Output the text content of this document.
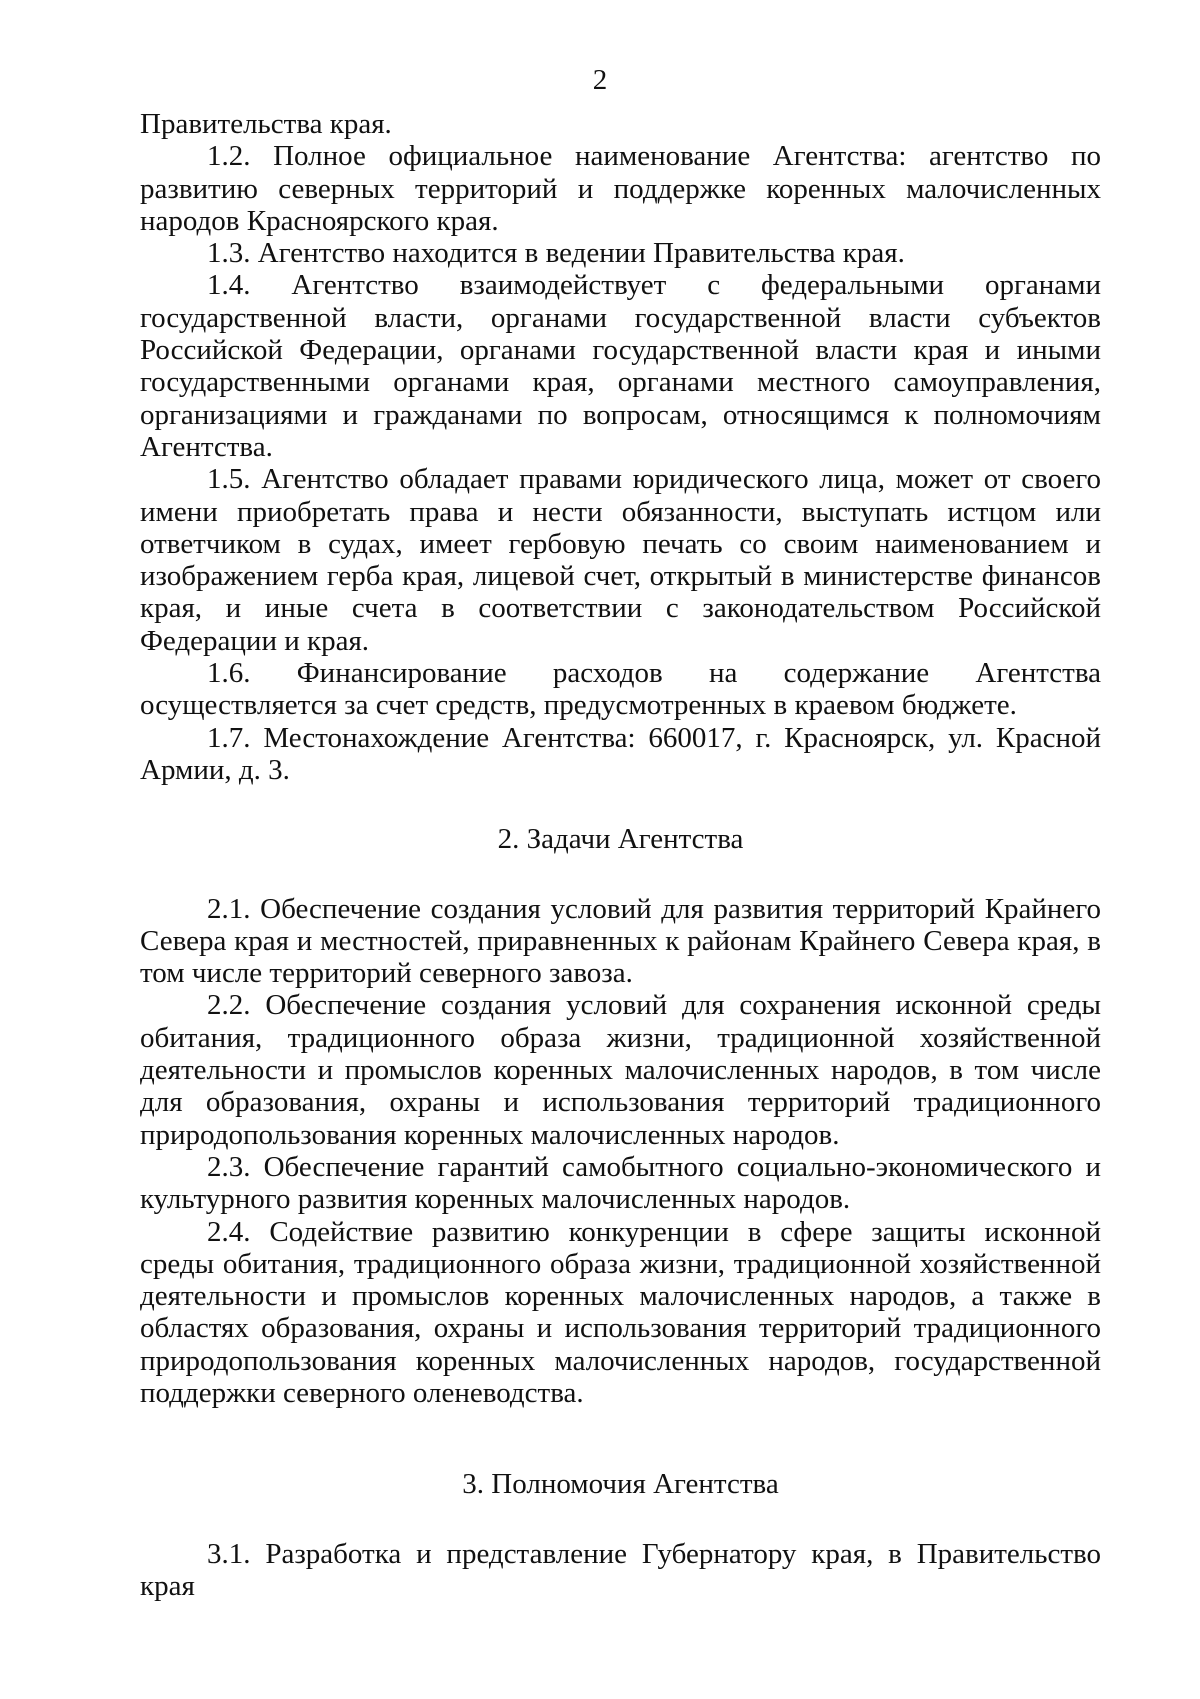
2

Правительства края.

1.2. Полное официальное наименование Агентства: агентство по развитию северных территорий и поддержке коренных малочисленных народов Красноярского края.

1.3. Агентство находится в ведении Правительства края.

1.4. Агентство взаимодействует с федеральными органами государственной власти, органами государственной власти субъектов Российской Федерации, органами государственной власти края и иными государственными органами края, органами местного самоуправления, организациями и гражданами по вопросам, относящимся к полномочиям Агентства.

1.5. Агентство обладает правами юридического лица, может от своего имени приобретать права и нести обязанности, выступать истцом или ответчиком в судах, имеет гербовую печать со своим наименованием и изображением герба края, лицевой счет, открытый в министерстве финансов края, и иные счета в соответствии с законодательством Российской Федерации и края.

1.6. Финансирование расходов на содержание Агентства осуществляется за счет средств, предусмотренных в краевом бюджете.

1.7. Местонахождение Агентства: 660017, г. Красноярск, ул. Красной Армии, д. 3.

2. Задачи Агентства

2.1. Обеспечение создания условий для развития территорий Крайнего Севера края и местностей, приравненных к районам Крайнего Севера края, в том числе территорий северного завоза.

2.2. Обеспечение создания условий для сохранения исконной среды обитания, традиционного образа жизни, традиционной хозяйственной деятельности и промыслов коренных малочисленных народов, в том числе для образования, охраны и использования территорий традиционного природопользования коренных малочисленных народов.

2.3. Обеспечение гарантий самобытного социально-экономического и культурного развития коренных малочисленных народов.

2.4. Содействие развитию конкуренции в сфере защиты исконной среды обитания, традиционного образа жизни, традиционной хозяйственной деятельности и промыслов коренных малочисленных народов, а также в областях образования, охраны и использования территорий традиционного природопользования коренных малочисленных народов, государственной поддержки северного оленеводства.

3. Полномочия Агентства

3.1. Разработка и представление Губернатору края, в Правительство края
